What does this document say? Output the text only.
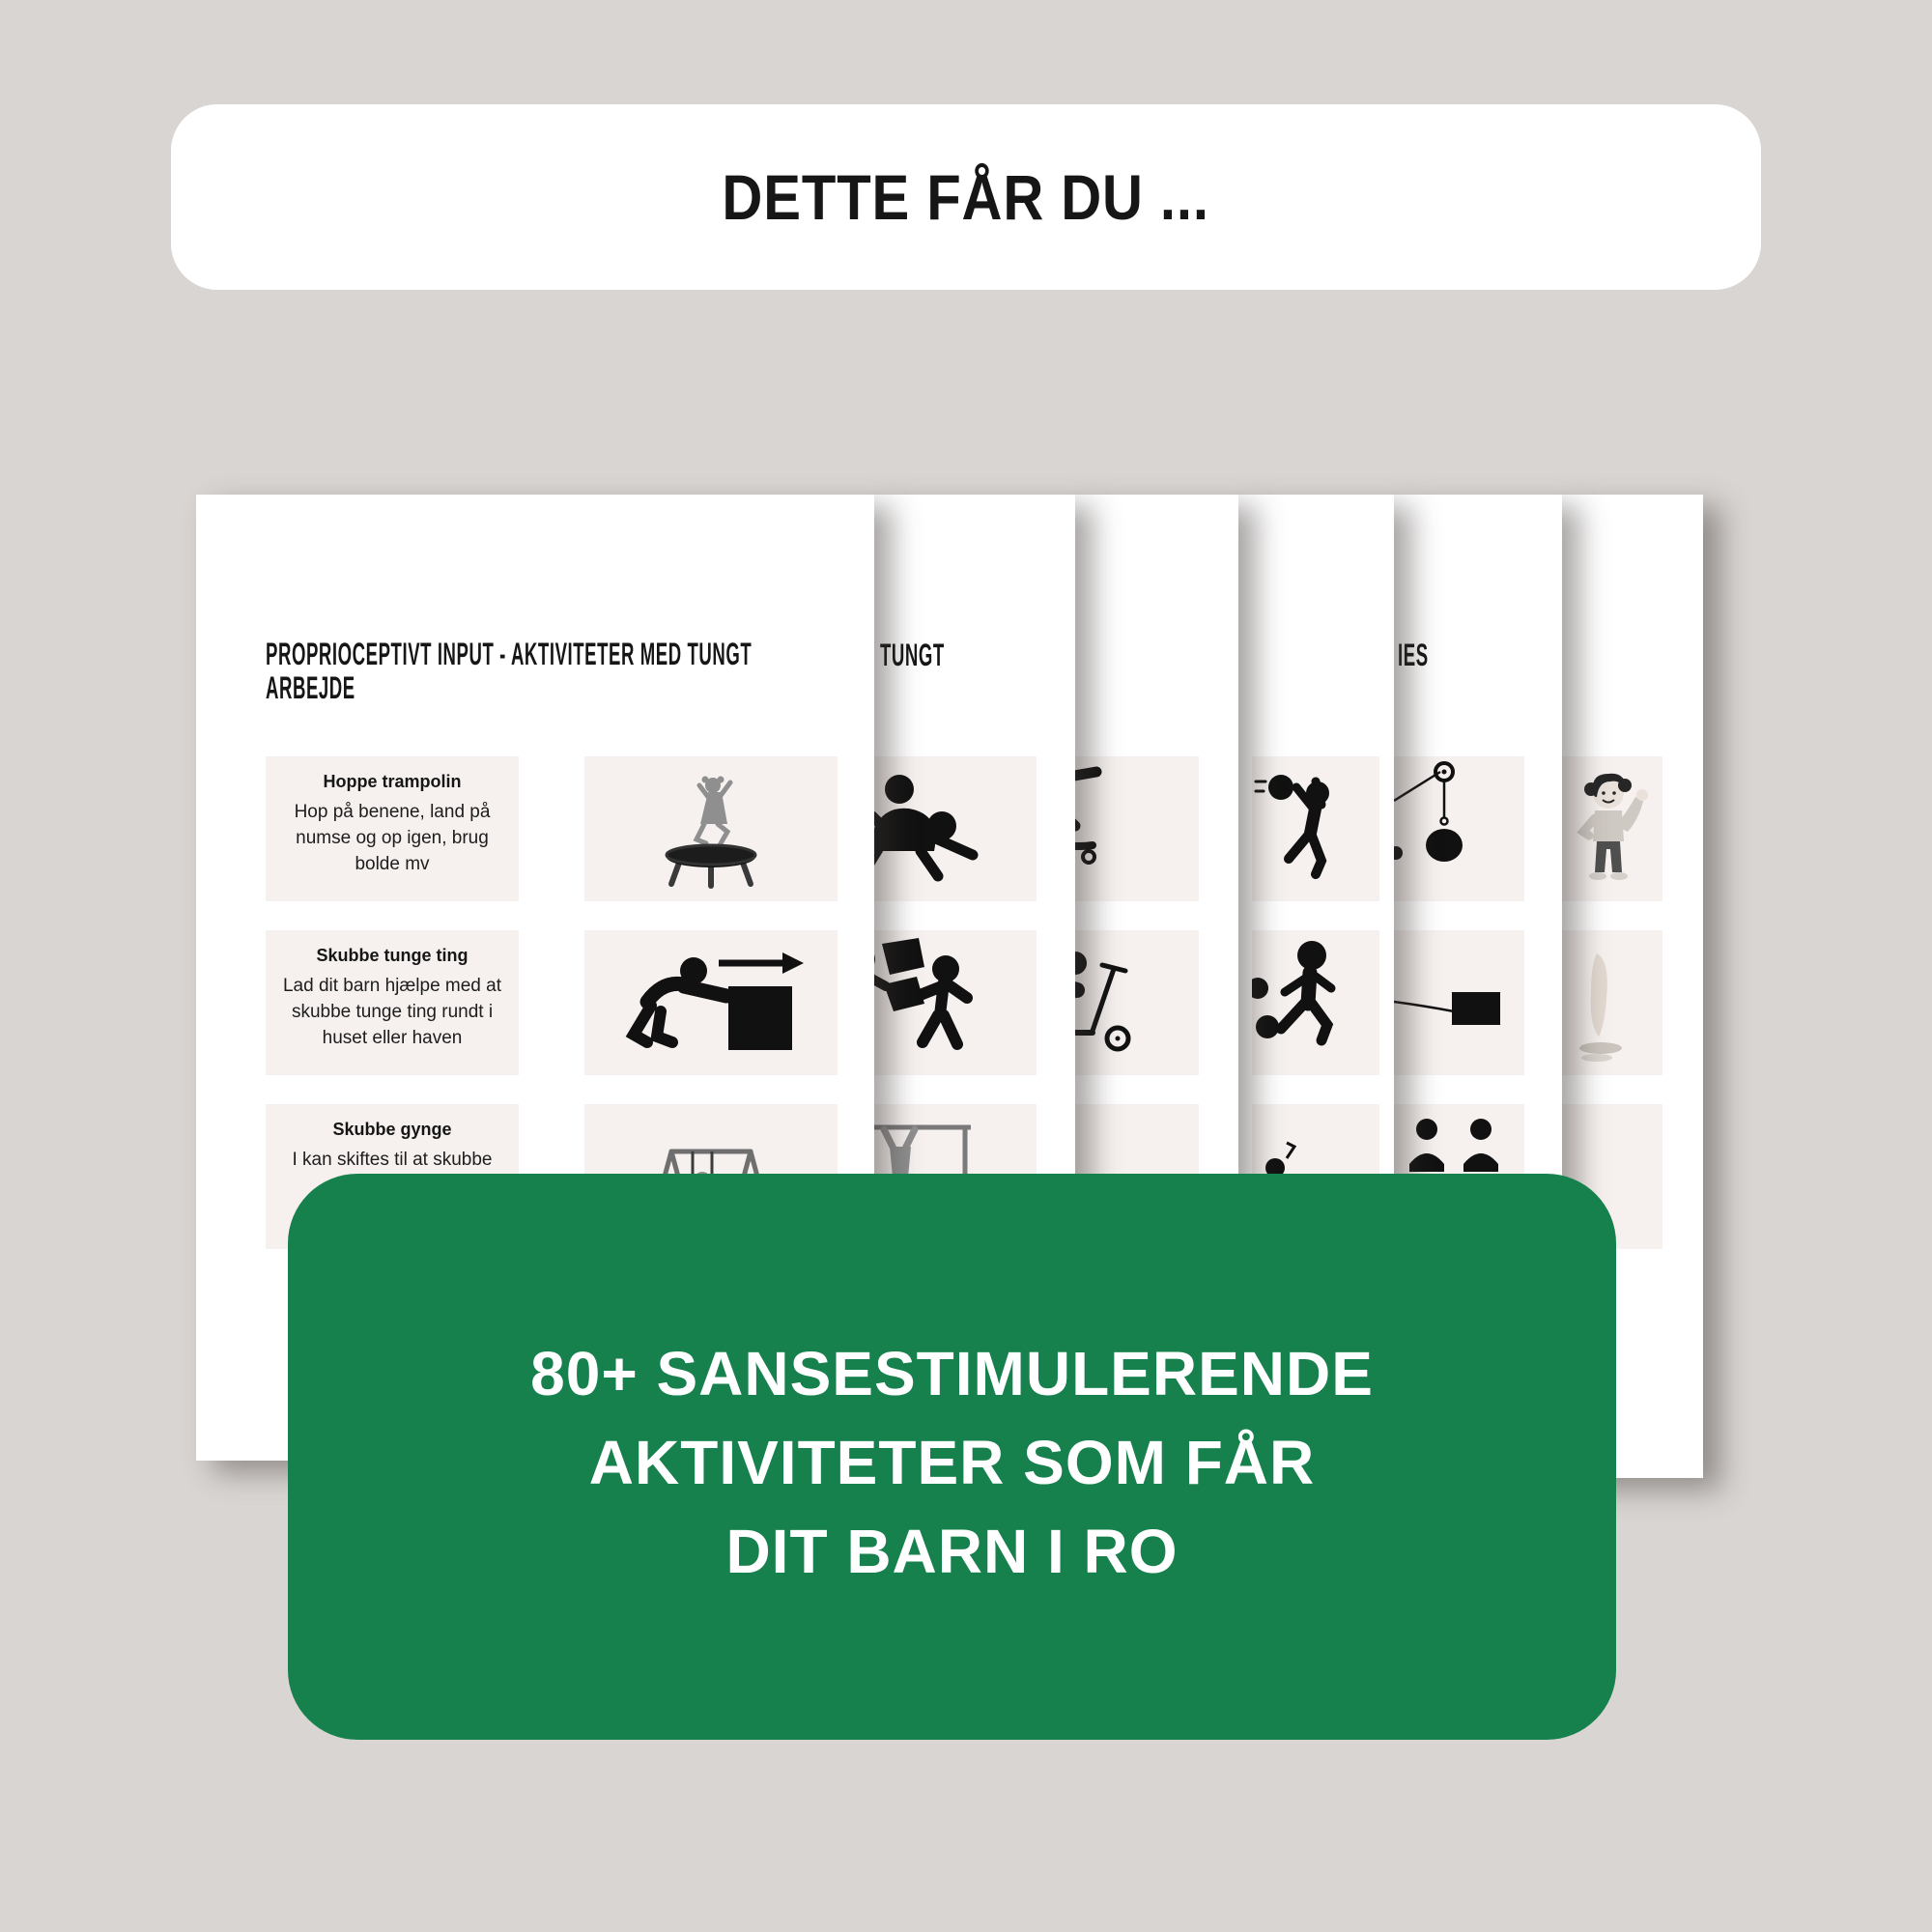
DETTE FÅR DU ...
PROPRIOCEPTIVT INPUT - AKTIVITETER MED TUNGT ARBEJDE
Hoppe trampolin
Hop på benene, land på numse og op igen, brug bolde mv
Skubbe tunge ting
Lad dit barn hjælpe med at skubbe tunge ting rundt i huset eller haven
Skubbe gynge
I kan skiftes til at skubbe
TUNGT	IES
80+ SANSESTIMULERENDE
AKTIVITETER SOM FÅR
DIT BARN I RO
